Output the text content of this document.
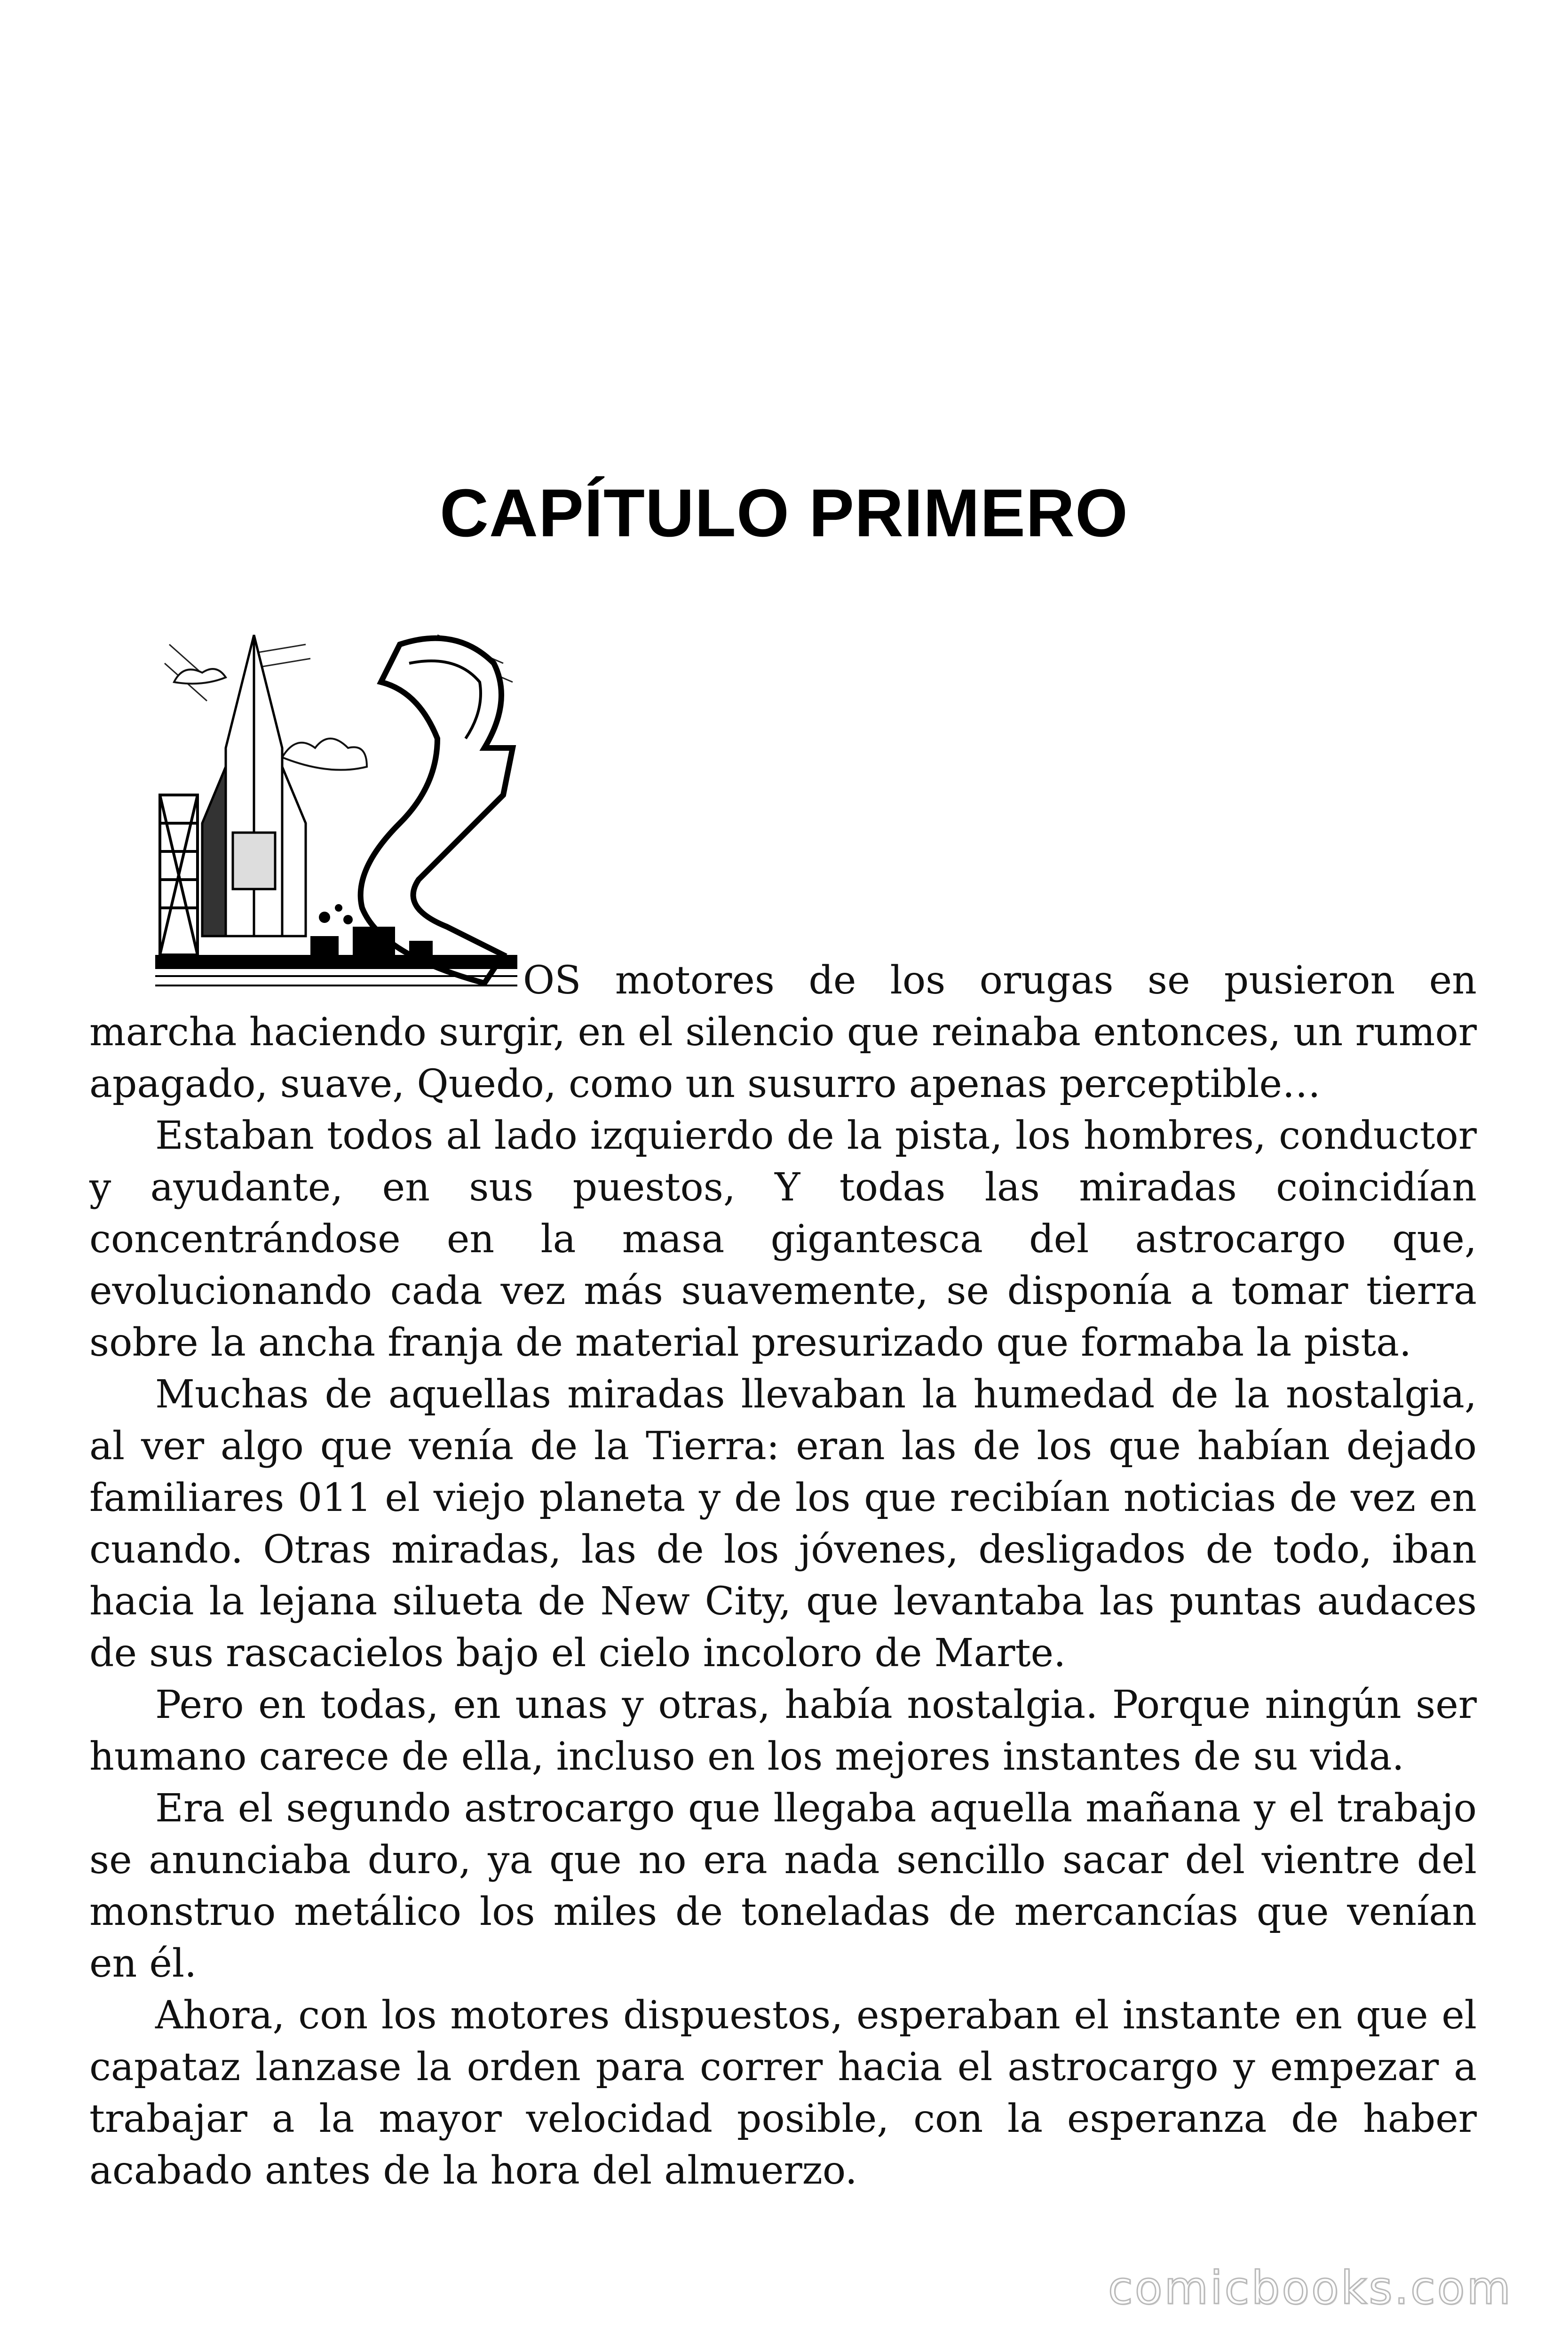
CAPÍTULO PRIMERO

OS motores de los orugas se pusieron en marcha haciendo surgir, en el silencio que reinaba entonces, un rumor apagado, suave, Quedo, como un susurro apenas perceptible…

Estaban todos al lado izquierdo de la pista, los hombres, conductor y ayudante, en sus puestos, Y todas las miradas coincidían concentrándose en la masa gigantesca del astrocargo que, evolucionando cada vez más suavemente, se disponía a tomar tierra sobre la ancha franja de material presurizado que formaba la pista.

Muchas de aquellas miradas llevaban la humedad de la nostalgia, al ver algo que venía de la Tierra: eran las de los que habían dejado familiares 011 el viejo planeta y de los que recibían noticias de vez en cuando. Otras miradas, las de los jóvenes, desligados de todo, iban hacia la lejana silueta de New City, que levantaba las puntas audaces de sus rascacielos bajo el cielo incoloro de Marte.

Pero en todas, en unas y otras, había nostalgia. Porque ningún ser humano carece de ella, incluso en los mejores instantes de su vida.

Era el segundo astrocargo que llegaba aquella mañana y el trabajo se anunciaba duro, ya que no era nada sencillo sacar del vientre del monstruo metálico los miles de toneladas de mercancías que venían en él.

Ahora, con los motores dispuestos, esperaban el instante en que el capataz lanzase la orden para correr hacia el astrocargo y empezar a trabajar a la mayor velocidad posible, con la esperanza de haber acabado antes de la hora del almuerzo.

comicbooks.com
